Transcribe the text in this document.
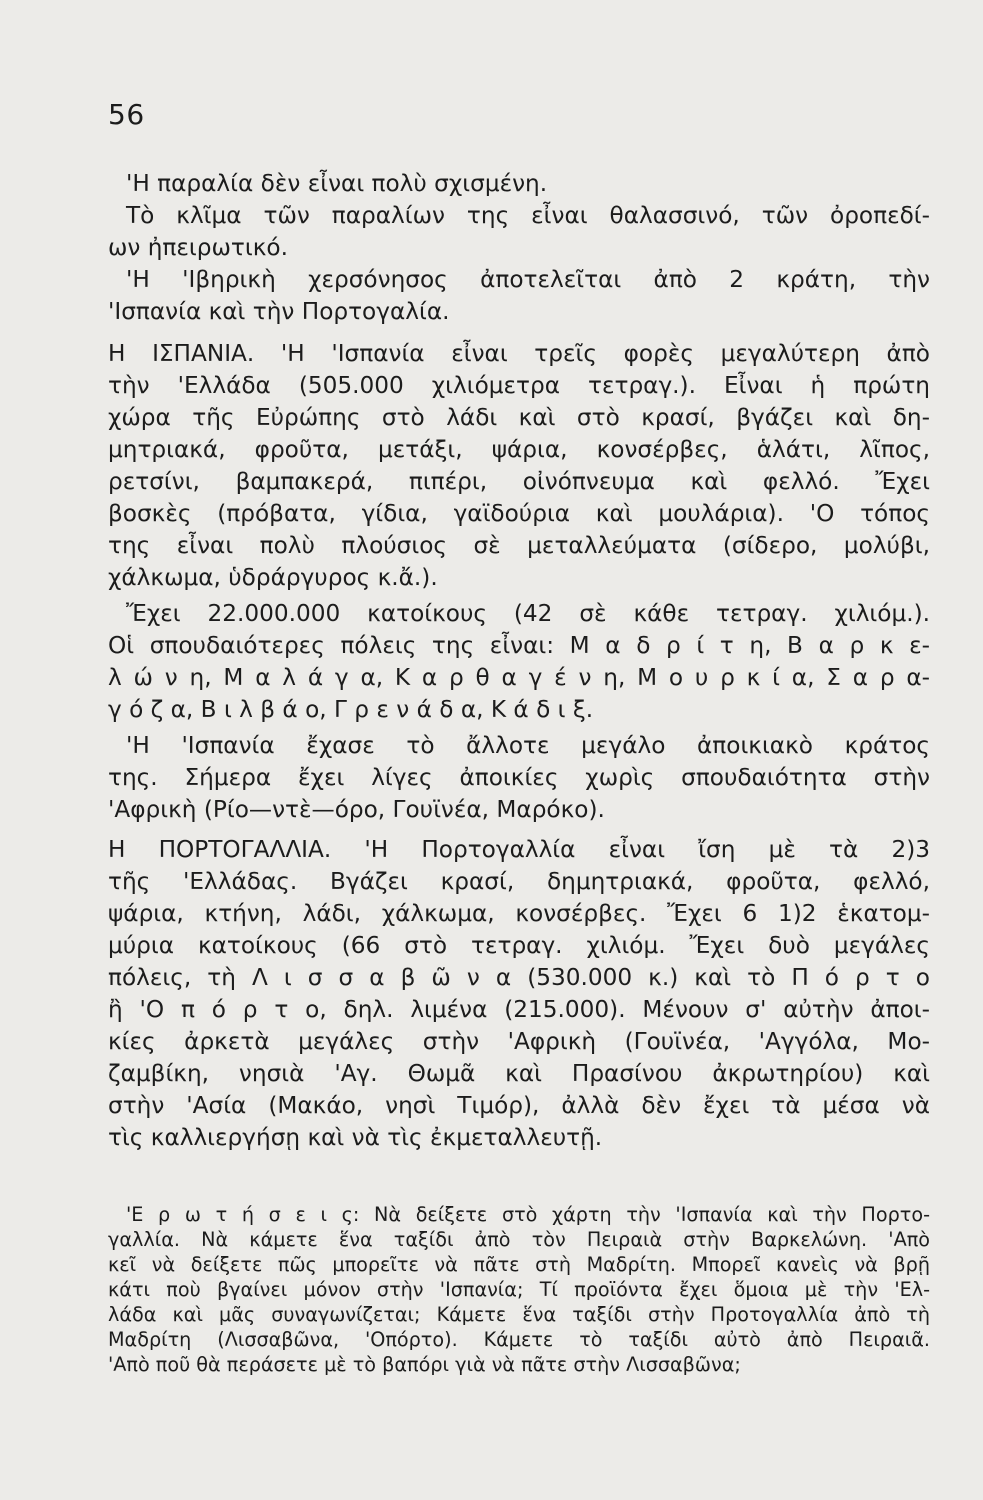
56
'Η παραλία δὲν εἶναι πολὺ σχισμένη.
Τὸ κλῖμα τῶν παραλίων της εἶναι θαλασσινό, τῶν ὀροπεδί-
ων ἠπειρωτικό.
'Η 'Ιβηρικὴ χερσόνησος ἀποτελεῖται ἀπὸ 2 κράτη, τὴν
'Ισπανία καὶ τὴν Πορτογαλία.
Η ΙΣΠΑΝΙΑ. 'Η 'Ισπανία εἶναι τρεῖς φορὲς μεγαλύτερη ἀπὸ
τὴν 'Ελλάδα (505.000 χιλιόμετρα τετραγ.). Εἶναι ἡ πρώτη
χώρα τῆς Εὐρώπης στὸ λάδι καὶ στὸ κρασί, βγάζει καὶ δη-
μητριακά, φροῦτα, μετάξι, ψάρια, κονσέρβες, ἁλάτι, λῖπος,
ρετσίνι, βαμπακερά, πιπέρι, οἰνόπνευμα καὶ φελλό. Ἔχει
βοσκὲς (πρόβατα, γίδια, γαϊδούρια καὶ μουλάρια). 'Ο τόπος
της εἶναι πολὺ πλούσιος σὲ μεταλλεύματα (σίδερο, μολύβι,
χάλκωμα, ὑδράργυρος κ.ἄ.).
Ἔχει 22.000.000 κατοίκους (42 σὲ κάθε τετραγ. χιλιόμ.).
Οἱ σπουδαιότερες πόλεις της εἶναι: Μ α δ ρ ί τ η, Β α ρ κ ε-
λ ώ ν η, Μ α λ ά γ α, Κ α ρ θ α γ έ ν η, Μ ο υ ρ κ ί α, Σ α ρ α-
γ ό ζ α, Β ι λ β ά ο, Γ ρ ε ν ά δ α, Κ ά δ ι ξ.
'Η 'Ισπανία ἔχασε τὸ ἄλλοτε μεγάλο ἀποικιακὸ κράτος
της. Σήμερα ἔχει λίγες ἀποικίες χωρὶς σπουδαιότητα στὴν
'Αφρικὴ (Ρίο—ντὲ—όρο, Γουϊνέα, Μαρόκο).
Η ΠΟΡΤΟΓΑΛΛΙΑ. 'Η Πορτογαλλία εἶναι ἴση μὲ τὰ 2)3
τῆς 'Ελλάδας. Βγάζει κρασί, δημητριακά, φροῦτα, φελλό,
ψάρια, κτήνη, λάδι, χάλκωμα, κονσέρβες. Ἔχει 6 1)2 ἑκατομ-
μύρια κατοίκους (66 στὸ τετραγ. χιλιόμ. Ἔχει δυὸ μεγάλες
πόλεις, τὴ Λ ι σ σ α β ῶ ν α (530.000 κ.) καὶ τὸ Π ό ρ τ ο
ἢ 'Ο π ό ρ τ ο, δηλ. λιμένα (215.000). Μένουν σ' αὐτὴν ἀποι-
κίες ἀρκετὰ μεγάλες στὴν 'Αφρικὴ (Γουϊνέα, 'Αγγόλα, Μο-
ζαμβίκη, νησιὰ 'Αγ. Θωμᾶ καὶ Πρασίνου ἀκρωτηρίου) καὶ
στὴν 'Ασία (Μακάο, νησὶ Τιμόρ), ἀλλὰ δὲν ἔχει τὰ μέσα νὰ
τὶς καλλιεργήσῃ καὶ νὰ τὶς ἐκμεταλλευτῇ.
'Ε ρ ω τ ή σ ε ι ς: Νὰ δείξετε στὸ χάρτη τὴν 'Ισπανία καὶ τὴν Πορτο-
γαλλία. Νὰ κάμετε ἕνα ταξίδι ἀπὸ τὸν Πειραιὰ στὴν Βαρκελώνη. 'Απὸ
κεῖ νὰ δείξετε πῶς μπορεῖτε νὰ πᾶτε στὴ Μαδρίτη. Μπορεῖ κανεὶς νὰ βρῇ
κάτι ποὺ βγαίνει μόνον στὴν 'Ισπανία; Τί προϊόντα ἔχει ὅμοια μὲ τὴν 'Ελ-
λάδα καὶ μᾶς συναγωνίζεται; Κάμετε ἕνα ταξίδι στὴν Προτογαλλία ἀπὸ τὴ
Μαδρίτη (Λισσαβῶνα, 'Οπόρτο). Κάμετε τὸ ταξίδι αὐτὸ ἀπὸ Πειραιᾶ.
'Απὸ ποῦ θὰ περάσετε μὲ τὸ βαπόρι γιὰ νὰ πᾶτε στὴν Λισσαβῶνα;
